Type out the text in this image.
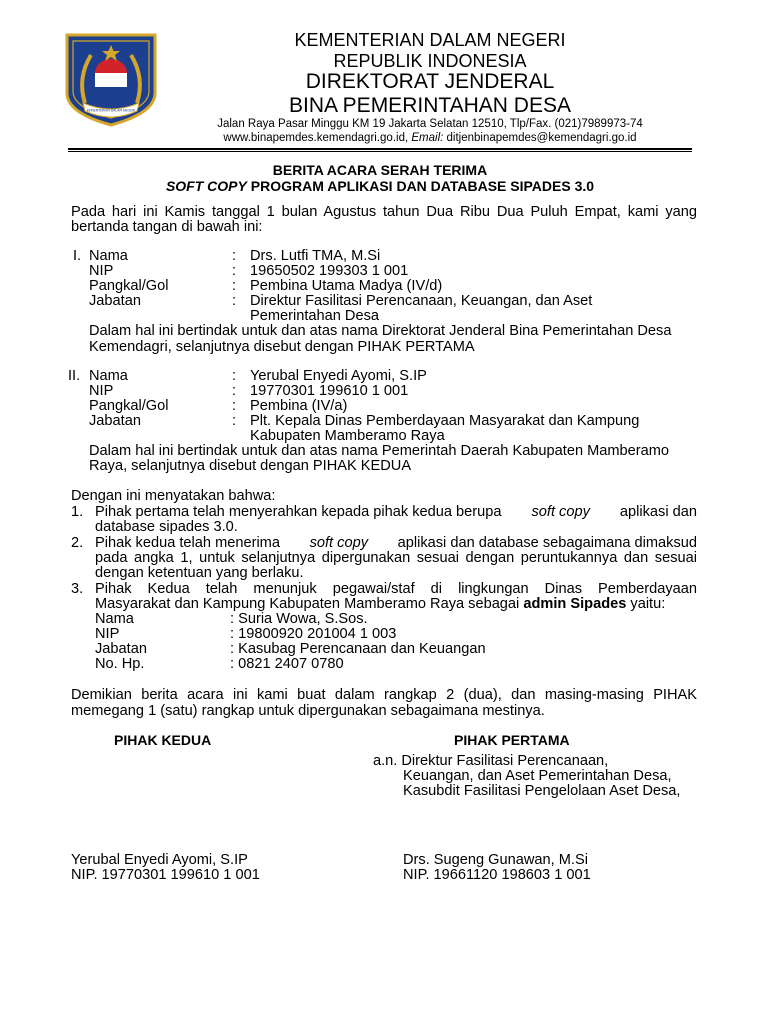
KEMENTERIAN DALAM NEGERI
KEMENTERIAN DALAM NEGERI
REPUBLIK INDONESIA
DIREKTORAT JENDERAL
BINA PEMERINTAHAN DESA
Jalan Raya Pasar Minggu KM 19 Jakarta Selatan 12510, Tlp/Fax. (021)7989973-74
www.binapemdes.kemendagri.go.id, Email: ditjenbinapemdes@kemendagri.go.id
BERITA ACARA SERAH TERIMA
SOFT COPY PROGRAM APLIKASI DAN DATABASE SIPADES 3.0
Pada hari ini Kamis tanggal 1 bulan Agustus tahun Dua Ribu Dua Puluh Empat, kami yang
bertanda tangan di bawah ini:
I. Nama
NIP
Pangkal/Gol
Jabatan
:
:
:
:
Drs. Lutfi TMA, M.Si
19650502 199303 1 001
Pembina Utama Madya (IV/d)
Direktur Fasilitasi Perencanaan, Keuangan, dan Aset
Pemerintahan Desa
Dalam hal ini bertindak untuk dan atas nama Direktorat Jenderal Bina Pemerintahan Desa
Kemendagri, selanjutnya disebut dengan PIHAK PERTAMA
II. Nama
NIP
Pangkal/Gol
Jabatan
:
:
:
:
Yerubal Enyedi Ayomi, S.IP
19770301 199610 1 001
Pembina (IV/a)
Plt. Kepala Dinas Pemberdayaan Masyarakat dan Kampung
Kabupaten Mamberamo Raya
Dalam hal ini bertindak untuk dan atas nama Pemerintah Daerah Kabupaten Mamberamo
Raya, selanjutnya disebut dengan PIHAK KEDUA
Dengan ini menyatakan bahwa:
1. Pihak pertama telah menyerahkan kepada pihak kedua berupa soft copy aplikasi dan
database sipades 3.0.
2. Pihak kedua telah menerima soft copy aplikasi dan database sebagaimana dimaksud
pada angka 1, untuk selanjutnya dipergunakan sesuai dengan peruntukannya dan sesuai
dengan ketentuan yang berlaku.
3. Pihak Kedua telah menunjuk pegawai/staf di lingkungan Dinas Pemberdayaan
Masyarakat dan Kampung Kabupaten Mamberamo Raya sebagai admin Sipades yaitu:
Nama
NIP
Jabatan
No. Hp.
: Suria Wowa, S.Sos.
: 19800920 201004 1 003
: Kasubag Perencanaan dan Keuangan
: 0821 2407 0780
Demikian berita acara ini kami buat dalam rangkap 2 (dua), dan masing-masing PIHAK
memegang 1 (satu) rangkap untuk dipergunakan sebagaimana mestinya.
PIHAK KEDUA	PIHAK PERTAMA
a.n. Direktur Fasilitasi Perencanaan,
Keuangan, dan Aset Pemerintahan Desa,
Kasubdit Fasilitasi Pengelolaan Aset Desa,
Yerubal Enyedi Ayomi, S.IP
NIP. 19770301 199610 1 001
Drs. Sugeng Gunawan, M.Si
NIP. 19661120 198603 1 001
